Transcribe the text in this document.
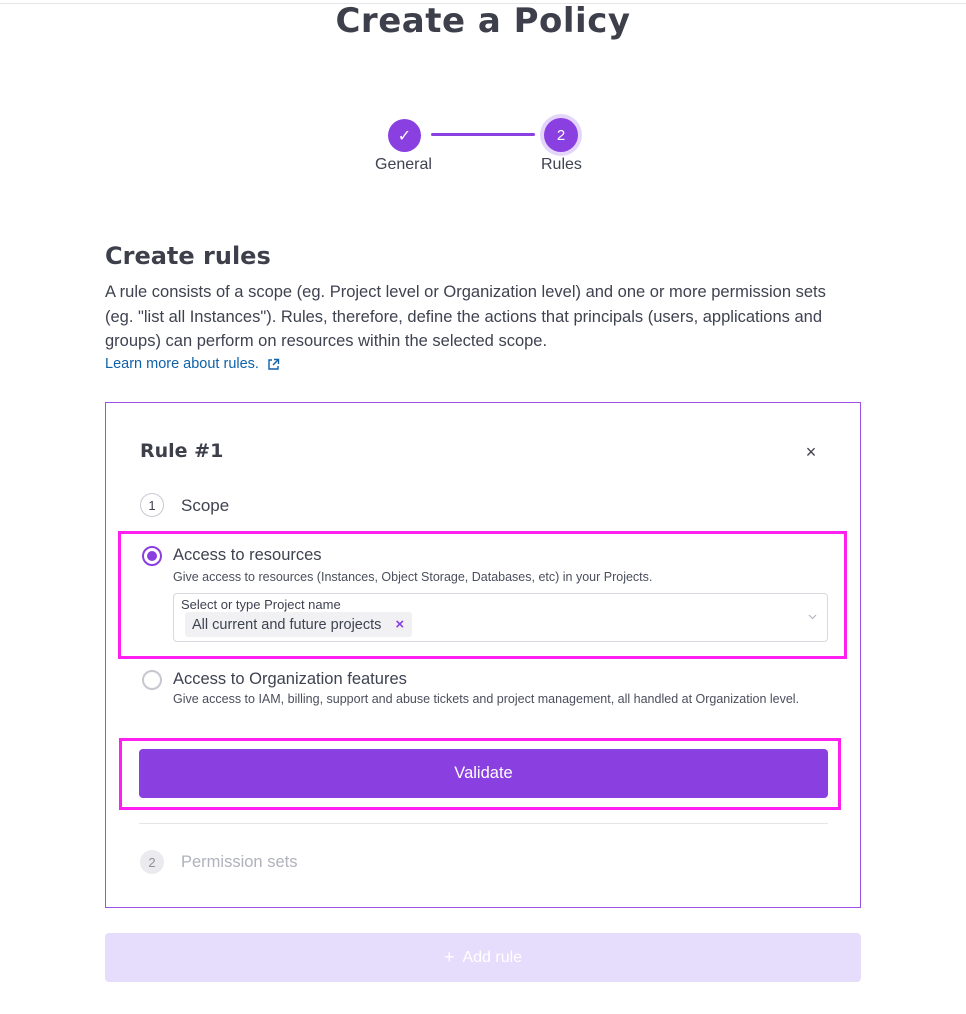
Create a Policy
✓	2
General	Rules
Create rules

A rule consists of a scope (eg. Project level or Organization level) and one or more permission sets (eg. "list all Instances"). Rules, therefore, define the actions that principals (users, applications and groups) can perform on resources within the selected scope.

Learn more about rules.
Rule #1	×
1	Scope
Access to resources
Give access to resources (Instances, Object Storage, Databases, etc) in your Projects.
Select or type Project name
All current and future projects ×
Access to Organization features
Give access to IAM, billing, support and abuse tickets and project management, all handled at Organization level.
Validate
2	Permission sets
+ Add rule
